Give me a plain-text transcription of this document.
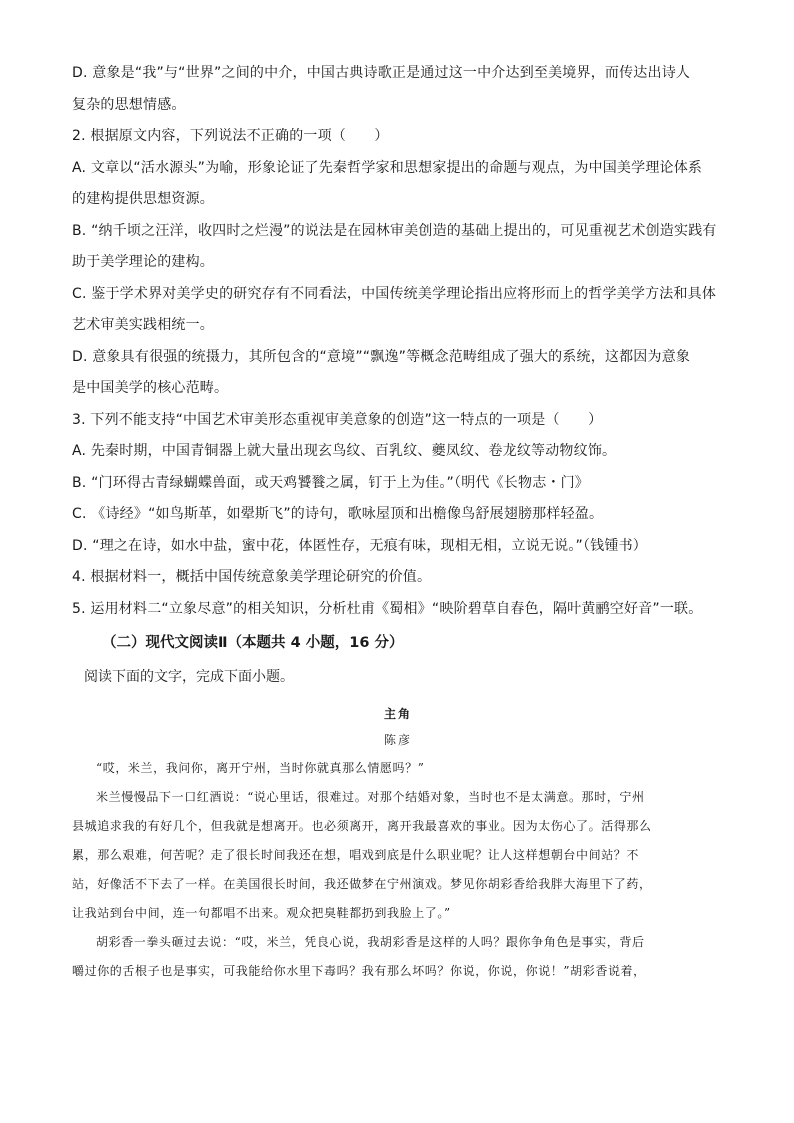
D. 意象是“我”与“世界”之间的中介，中国古典诗歌正是通过这一中介达到至美境界，而传达出诗人
复杂的思想情感。
2. 根据原文内容，下列说法不正确的一项（　　）
A. 文章以“活水源头”为喻，形象论证了先秦哲学家和思想家提出的命题与观点，为中国美学理论体系
的建构提供思想资源。
B. “纳千顷之汪洋，收四时之烂漫”的说法是在园林审美创造的基础上提出的，可见重视艺术创造实践有
助于美学理论的建构。
C. 鉴于学术界对美学史的研究存有不同看法，中国传统美学理论指出应将形而上的哲学美学方法和具体
艺术审美实践相统一。
D. 意象具有很强的统摄力，其所包含的“意境”“飘逸”等概念范畴组成了强大的系统，这都因为意象
是中国美学的核心范畴。
3. 下列不能支持“中国艺术审美形态重视审美意象的创造”这一特点的一项是（　　）
A. 先秦时期，中国青铜器上就大量出现玄鸟纹、百乳纹、夔凤纹、卷龙纹等动物纹饰。
B. “门环得古青绿蝴蝶兽面，或天鸡饕餮之属，钉于上为佳。”（明代《长物志・门》
C. 《诗经》“如鸟斯革，如翚斯飞”的诗句，歌咏屋顶和出檐像鸟舒展翅膀那样轻盈。
D. “理之在诗，如水中盐，蜜中花，体匿性存，无痕有味，现相无相，立说无说。”（钱锺书）
4. 根据材料一，概括中国传统意象美学理论研究的价值。
5. 运用材料二“立象尽意”的相关知识，分析杜甫《蜀相》“映阶碧草自春色，隔叶黄鹂空好音”一联。
（二）现代文阅读Ⅱ（本题共 4 小题，16 分）
阅读下面的文字，完成下面小题。
主角
陈彦
“哎，米兰，我问你，离开宁州，当时你就真那么情愿吗？”
米兰慢慢品下一口红酒说：“说心里话，很难过。对那个结婚对象，当时也不是太满意。那时，宁州
县城追求我的有好几个，但我就是想离开。也必须离开，离开我最喜欢的事业。因为太伤心了。活得那么
累，那么艰难，何苦呢？走了很长时间我还在想，唱戏到底是什么职业呢？让人这样想朝台中间站？不
站，好像活不下去了一样。在美国很长时间，我还做梦在宁州演戏。梦见你胡彩香给我胖大海里下了药，
让我站到台中间，连一句都唱不出来。观众把臭鞋都扔到我脸上了。”
胡彩香一拳头砸过去说：“哎，米兰，凭良心说，我胡彩香是这样的人吗？跟你争角色是事实，背后
嚼过你的舌根子也是事实，可我能给你水里下毒吗？我有那么坏吗？你说，你说，你说！”胡彩香说着，
